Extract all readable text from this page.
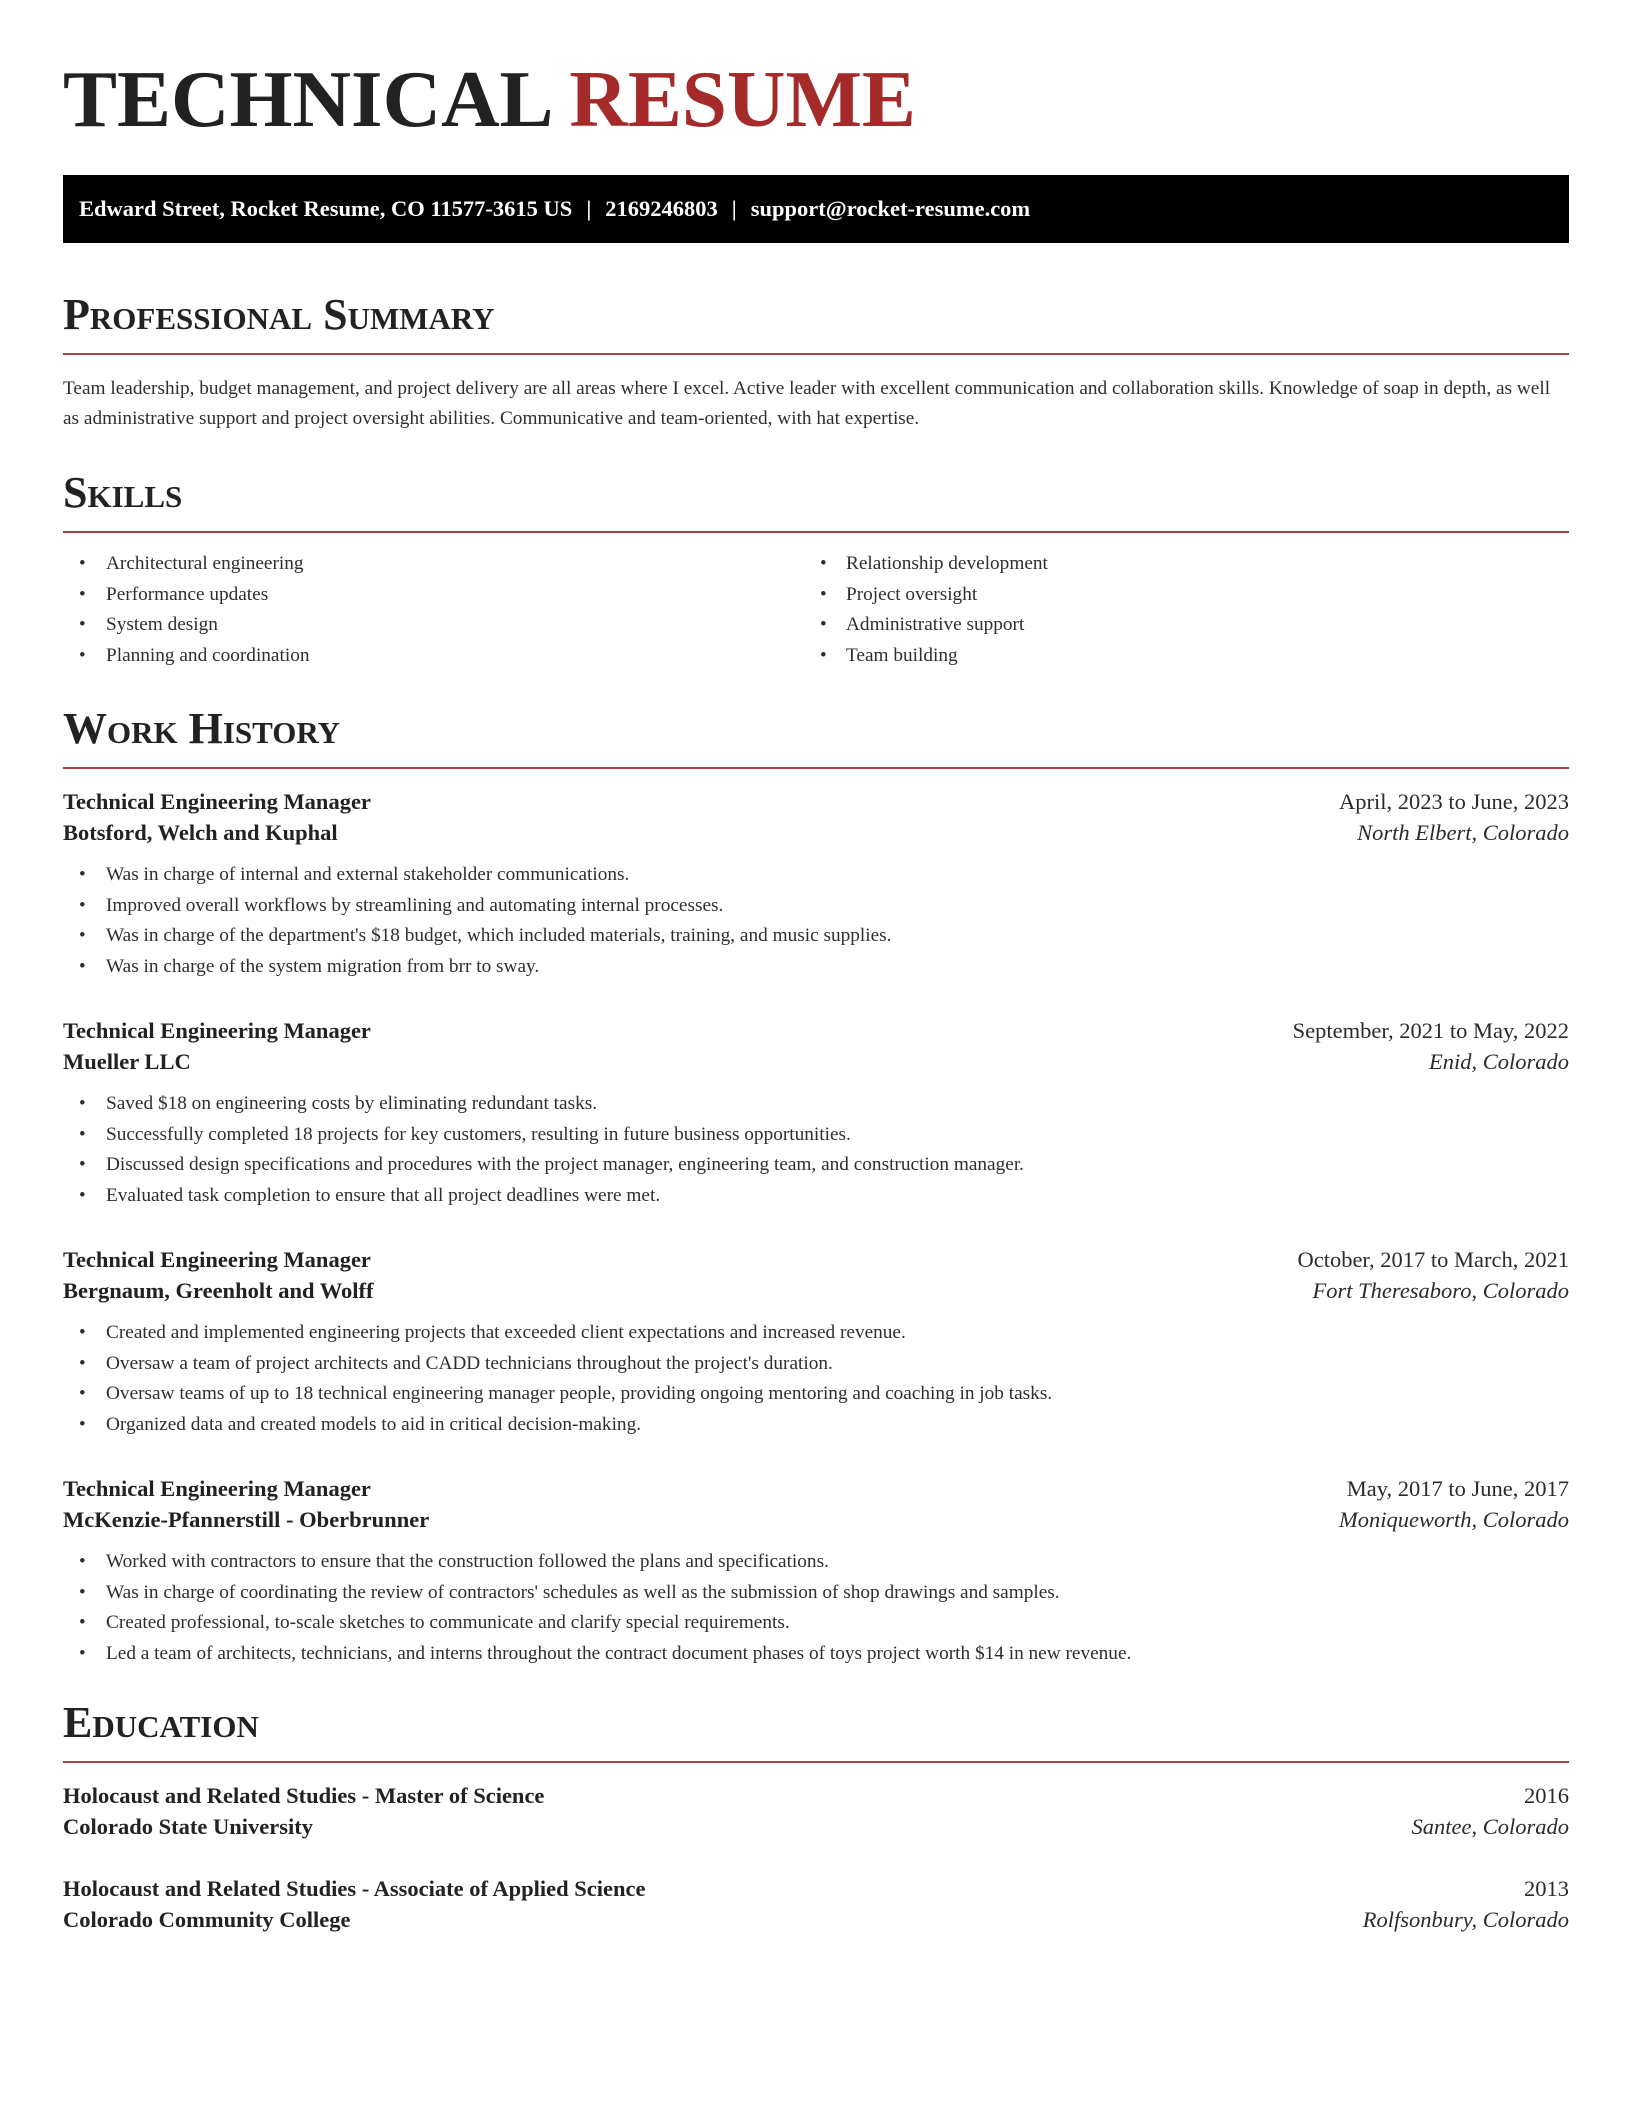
TECHNICAL RESUME
Edward Street, Rocket Resume, CO 11577-3615 US | 2169246803 | support@rocket-resume.com
Professional Summary

Team leadership, budget management, and project delivery are all areas where I excel. Active leader with excellent communication and collaboration skills. Knowledge of soap in depth, as well as administrative support and project oversight abilities. Communicative and team-oriented, with hat expertise.

Skills
• Architectural engineering
• Performance updates
• System design
• Planning and coordination
• Relationship development
• Project oversight
• Administrative support
• Team building
Work History
Technical Engineering Manager	April, 2023 to June, 2023
Botsford, Welch and Kuphal	North Elbert, Colorado
• Was in charge of internal and external stakeholder communications.
• Improved overall workflows by streamlining and automating internal processes.
• Was in charge of the department's $18 budget, which included materials, training, and music supplies.
• Was in charge of the system migration from brr to sway.
Technical Engineering Manager	September, 2021 to May, 2022
Mueller LLC	Enid, Colorado
• Saved $18 on engineering costs by eliminating redundant tasks.
• Successfully completed 18 projects for key customers, resulting in future business opportunities.
• Discussed design specifications and procedures with the project manager, engineering team, and construction manager.
• Evaluated task completion to ensure that all project deadlines were met.
Technical Engineering Manager	October, 2017 to March, 2021
Bergnaum, Greenholt and Wolff	Fort Theresaboro, Colorado
• Created and implemented engineering projects that exceeded client expectations and increased revenue.
• Oversaw a team of project architects and CADD technicians throughout the project's duration.
• Oversaw teams of up to 18 technical engineering manager people, providing ongoing mentoring and coaching in job tasks.
• Organized data and created models to aid in critical decision-making.
Technical Engineering Manager	May, 2017 to June, 2017
McKenzie-Pfannerstill - Oberbrunner	Moniqueworth, Colorado
• Worked with contractors to ensure that the construction followed the plans and specifications.
• Was in charge of coordinating the review of contractors' schedules as well as the submission of shop drawings and samples.
• Created professional, to-scale sketches to communicate and clarify special requirements.
• Led a team of architects, technicians, and interns throughout the contract document phases of toys project worth $14 in new revenue.
Education
Holocaust and Related Studies - Master of Science	2016
Colorado State University	Santee, Colorado
Holocaust and Related Studies - Associate of Applied Science	2013
Colorado Community College	Rolfsonbury, Colorado
